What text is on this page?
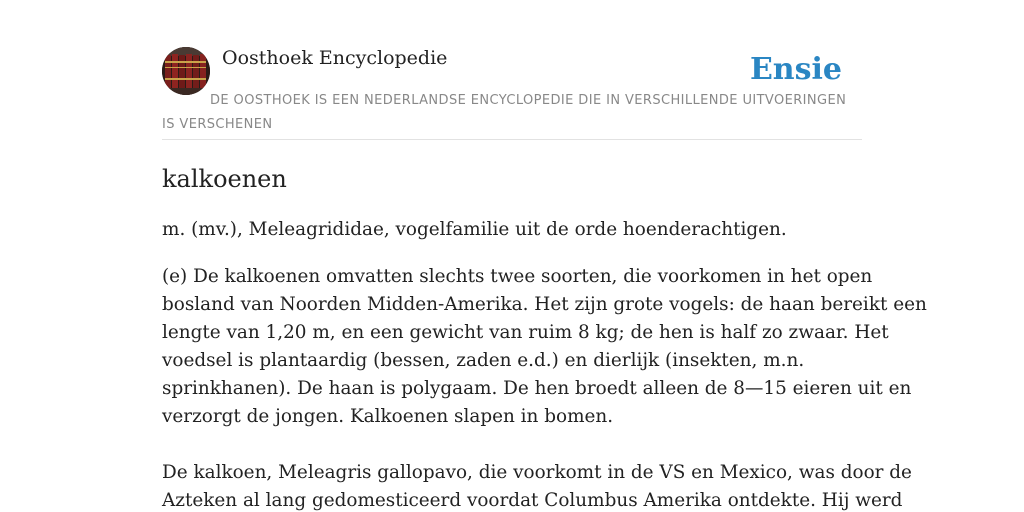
Oosthoek Encyclopedie	Ensie
DE OOSTHOEK IS EEN NEDERLANDSE ENCYCLOPEDIE DIE IN VERSCHILLENDE UITVOERINGEN IS VERSCHENEN
kalkoenen
m. (mv.), Meleagrididae, vogelfamilie uit de orde hoenderachtigen.
(e) De kalkoenen omvatten slechts twee soorten, die voorkomen in het open
bosland van Noorden Midden-Amerika. Het zijn grote vogels: de haan bereikt een
lengte van 1,20 m, en een gewicht van ruim 8 kg; de hen is half zo zwaar. Het
voedsel is plantaardig (bessen, zaden e.d.) en dierlijk (insekten, m.n.
sprinkhanen). De haan is polygaam. De hen broedt alleen de 8—15 eieren uit en
verzorgt de jongen. Kalkoenen slapen in bomen.
De kalkoen, Meleagris gallopavo, die voorkomt in de VS en Mexico, was door de
Azteken al lang gedomesticeerd voordat Columbus Amerika ontdekte. Hij werd
